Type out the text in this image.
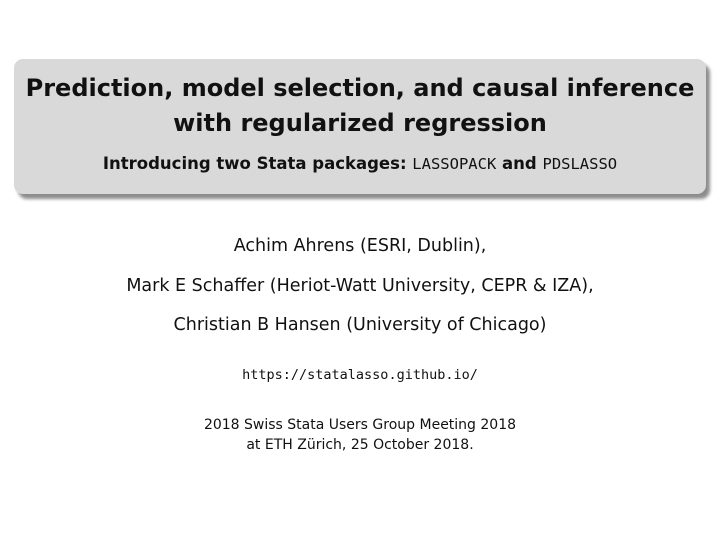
Prediction, model selection, and causal inference
with regularized regression
Introducing two Stata packages: LASSOPACK and PDSLASSO
Achim Ahrens (ESRI, Dublin),
Mark E Schaffer (Heriot-Watt University, CEPR & IZA),
Christian B Hansen (University of Chicago)
https://statalasso.github.io/
2018 Swiss Stata Users Group Meeting 2018
at ETH Zürich, 25 October 2018.
